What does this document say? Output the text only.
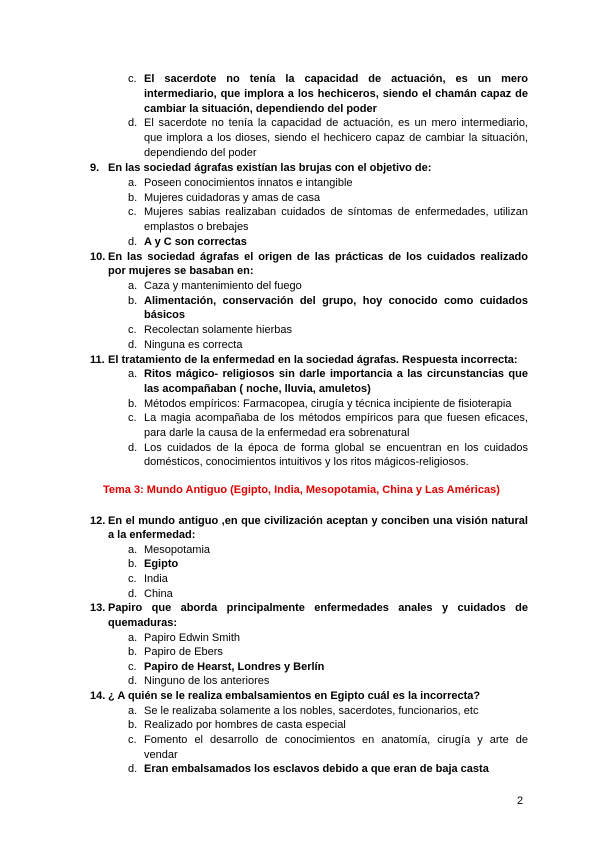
c. El sacerdote no tenía la capacidad de actuación, es un mero
intermediario, que implora a los hechiceros, siendo el chamán capaz de
cambiar la situación, dependiendo del poder
d. El sacerdote no tenía la capacidad de actuación, es un mero intermediario,
que implora a los dioses, siendo el hechicero capaz de cambiar la situación,
dependiendo del poder
9. En las sociedad ágrafas existían las brujas con el objetivo de:
a. Poseen conocimientos innatos e intangible
b. Mujeres cuidadoras y amas de casa
c. Mujeres sabias realizaban cuidados de síntomas de enfermedades, utilizan
emplastos o brebajes
d. A y C son correctas
10. En las sociedad ágrafas el origen de las prácticas de los cuidados realizado
por mujeres se basaban en:
a. Caza y mantenimiento del fuego
b. Alimentación, conservación del grupo, hoy conocido como cuidados
básicos
c. Recolectan solamente hierbas
d. Ninguna es correcta
11. El tratamiento de la enfermedad en la sociedad ágrafas. Respuesta incorrecta:
a. Ritos mágico- religiosos sin darle importancia a las circunstancias que
las acompañaban ( noche, lluvia, amuletos)
b. Métodos empíricos: Farmacopea, cirugía y técnica incipiente de fisioterapia
c. La magia acompañaba de los métodos empíricos para que fuesen eficaces,
para darle la causa de la enfermedad era sobrenatural
d. Los cuidados de la época de forma global se encuentran en los cuidados
domésticos, conocimientos intuitivos y los ritos mágicos-religiosos.
Tema 3: Mundo Antiguo (Egipto, India, Mesopotamia, China y Las Américas)
12. En el mundo antiguo ,en que civilización aceptan y conciben una visión natural
a la enfermedad:
a. Mesopotamia
b. Egipto
c. India
d. China
13. Papiro que aborda principalmente enfermedades anales y cuidados de
quemaduras:
a. Papiro Edwin Smith
b. Papiro de Ebers
c. Papiro de Hearst, Londres y Berlín
d. Ninguno de los anteriores
14. ¿ A quién se le realiza embalsamientos en Egipto cuál es la incorrecta?
a. Se le realizaba solamente a los nobles, sacerdotes, funcionarios, etc
b. Realizado por hombres de casta especial
c. Fomento el desarrollo de conocimientos en anatomía, cirugía y arte de
vendar
d. Eran embalsamados los esclavos debido a que eran de baja casta
2
